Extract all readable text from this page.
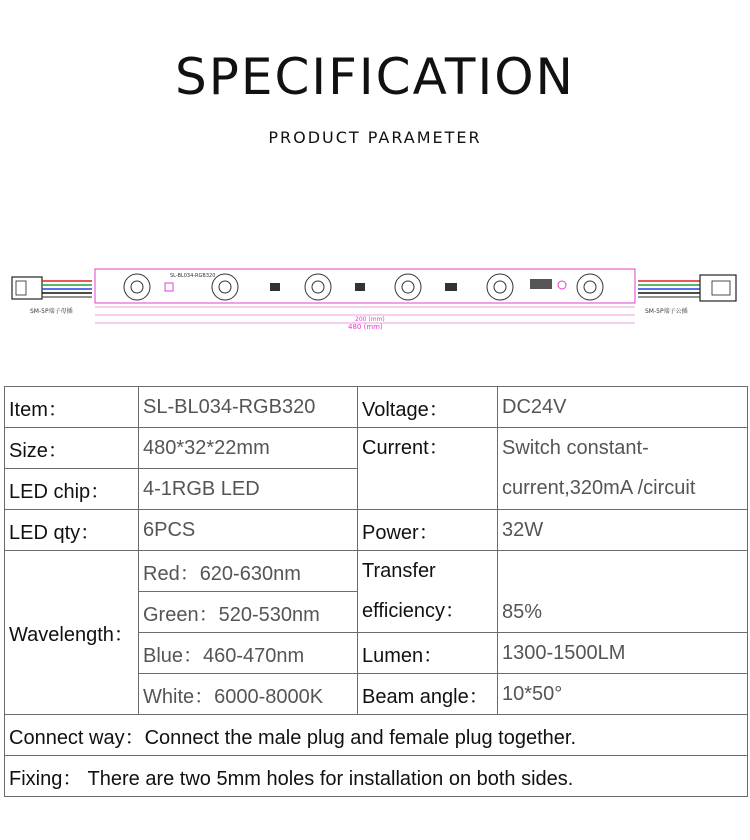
SPECIFICATION
PRODUCT PARAMETER
SM-5P端子母插
SL-BL034-RGB320
200 (mm)
480 (mm)
SM-5P端子公插
Item：	SL-BL034-RGB320	Voltage：	DC24V
Size：	480*32*22mm	Current：	Switch constant-current,320mA /circuit
LED chip：	4-1RGB LED		
LED qty：	6PCS	Power：	32W
Wavelength：	Red：620-630nm	Transfer efficiency：	85%
	Green：520-530nm		
	Blue：460-470nm	Lumen：	1300-1500LM
	White：6000-8000K	Beam angle：	10*50°
Connect way：Connect the male plug and female plug together.			
Fixing： There are two 5mm holes for installation on both sides.			
